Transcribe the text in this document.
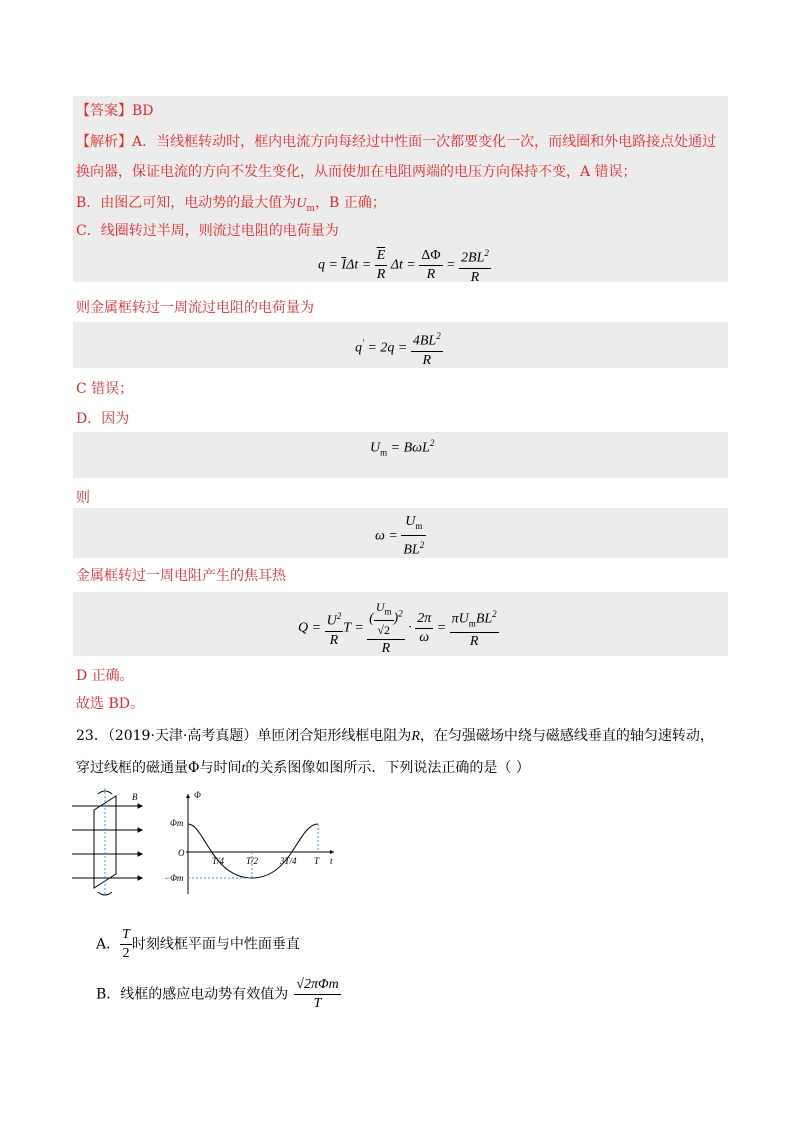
【答案】BD
【解析】A．当线框转动时，框内电流方向每经过中性面一次都要变化一次，而线圈和外电路接点处通过
换向器，保证电流的方向不发生变化，从而使加在电阻两端的电压方向保持不变，A 错误；
B．由图乙可知，电动势的最大值为$U_m$，B 正确；
C．线圈转过半周，则流过电阻的电荷量为
$q = \overline{I}\Delta t = \frac{\overline{E}}{R}$ $\Delta t = \frac{\Delta\Phi}{R} = \frac{2BL^2}{R}$
则金属框转过一周流过电阻的电荷量为
$q' = 2q = \frac{4BL^2}{R}$
C 错误；
D．因为
$U_m = B\omega L^2$
则
$\omega = \frac{U_m}{BL^2}$
金属框转过一周电阻产生的焦耳热
$Q = \frac{U^2}{R}$ $T = \frac{( \frac{U_m}{√2} )^2}{R} \cdot \frac{2\pi}{\omega} = \frac{\pi U_mBL^2}{R}$
D 正确。
故选 BD。
23．（2019·天津·高考真题）单匝闭合矩形线框电阻为R，在匀强磁场中绕与磁感线垂直的轴匀速转动，
穿过线框的磁通量Φ与时间t的关系图像如图所示．下列说法正确的是（ ）
B	Φ
Φm
−Φm
O
t
T/4 T/2 3T/4 T
A． $\frac{T}{2}$ 时刻线框平面与中性面垂直
B．线框的感应电动势有效值为 $\frac{\text{√2πΦm}}{T}$
